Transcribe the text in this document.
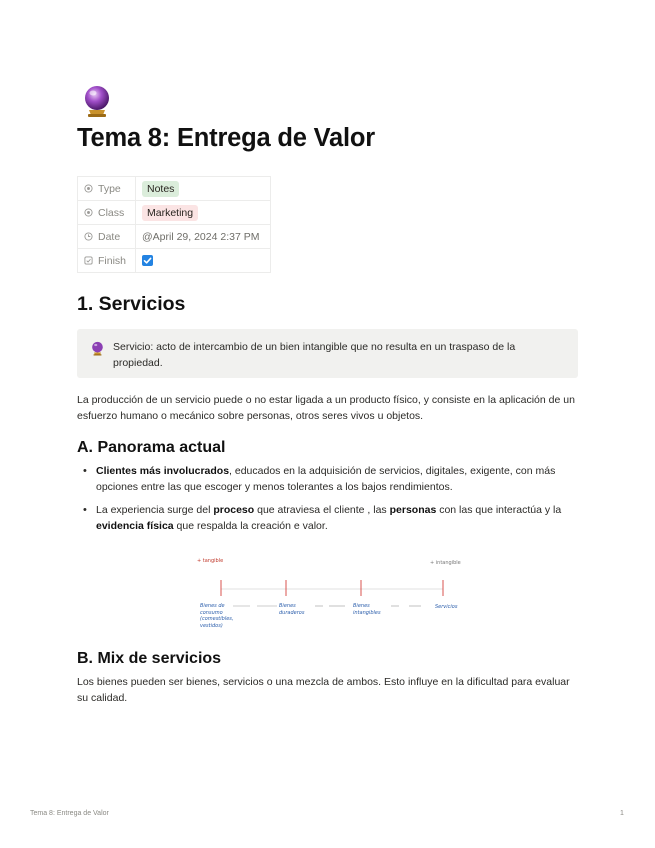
Tema 8: Entrega de Valor
Type	Notes

Class	Marketing

Date	@April 29, 2024 2:37 PM

Finish

1. Servicios
Servicio: acto de intercambio de un bien intangible que no resulta en un traspaso de la propiedad.

La producción de un servicio puede o no estar ligada a un producto físico, y consiste en la aplicación de un esfuerzo humano o mecánico sobre personas, otros seres vivos u objetos.

A. Panorama actual
• Clientes más involucrados, educados en la adquisición de servicios, digitales, exigente, con más opciones entre las que escoger y menos tolerantes a los bajos rendimientos.
• La experiencia surge del proceso que atraviesa el cliente , las personas con las que interactúa y la evidencia física que respalda la creación e valor.
+ tangible	+ intangible
Bienes de consumo (comestibles, vestidos)
Bienes duraderos
Bienes intangibles
Servicios
B. Mix de servicios

Los bienes pueden ser bienes, servicios o una mezcla de ambos. Esto influye en la dificultad para evaluar su calidad.

Tema 8: Entrega de Valor	1
